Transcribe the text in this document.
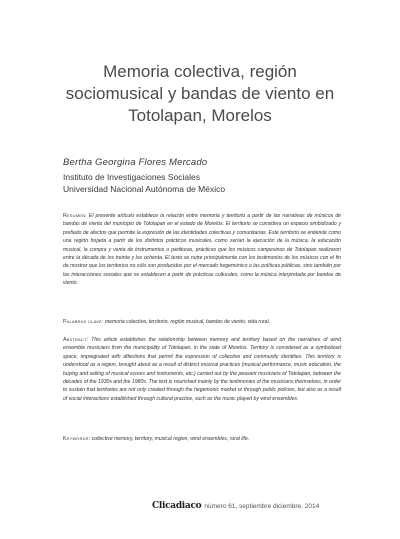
Memoria colectiva, región
sociomusical y bandas de viento en
Totolapan, Morelos
Bertha Georgina Flores Mercado
Instituto de Investigaciones Sociales
Universidad Nacional Autónoma de México

Resumen: El presente artículo establece la relación entre memoria y territorio a partir de las narrativas de músicos de bandas de viento del municipio de Totolapan en el estado de Morelos. El territorio se considera un espacio simbolizado y prefiado de afectos que permite la expresión de las identidades colectivas y comunitarias. Este territorio se entiende como una región forjada a partir de los distintos prácticos musicales, como serían la ejecución de la música, la educación musical, la compra y venta de instrumentos o partituras, prácticas que los músicos campesinos de Totolapan realizaron entre la década de los treinta y los ochenta. El texto se nutre principalmente con los testimonios de los músicos con el fin de mostrar que los territorios no sólo son producidos por el mercado hegemónico o las políticas públicas, sino también por las interacciones sociales que se establecen a partir de prácticas culturales, como la música interpretada por bandas de viento.

Palabras clave: memoria colectiva, territorio, región musical, bandas de viento, vida rural.

Abstract: This article establishes the relationship between memory and territory based on the narratives of wind ensemble musicians from the municipality of Totolapan, in the state of Morelos. Territory is considered as a symbolized space, impregnated with affections that permit the expression of collective and community identities. This territory is understood as a region, brought about as a result of distinct musical practices (musical performance, music education, the buying and selling of musical scores and instruments, etc.) carried out by the peasant musicians of Totolapan, between the decades of the 1930s and the 1980s. The text is nourished mainly by the testimonies of the musicians themselves, in order to sustain that territories are not only created through the hegemonic market or through public policies, but also as a result of social interactions established through cultural practice, such as the music played by wind ensembles.

Keywords: collective memory, territory, musical region, wind ensembles, rural life.

Clicadiaco número 61, septiembre diciembre, 2014
